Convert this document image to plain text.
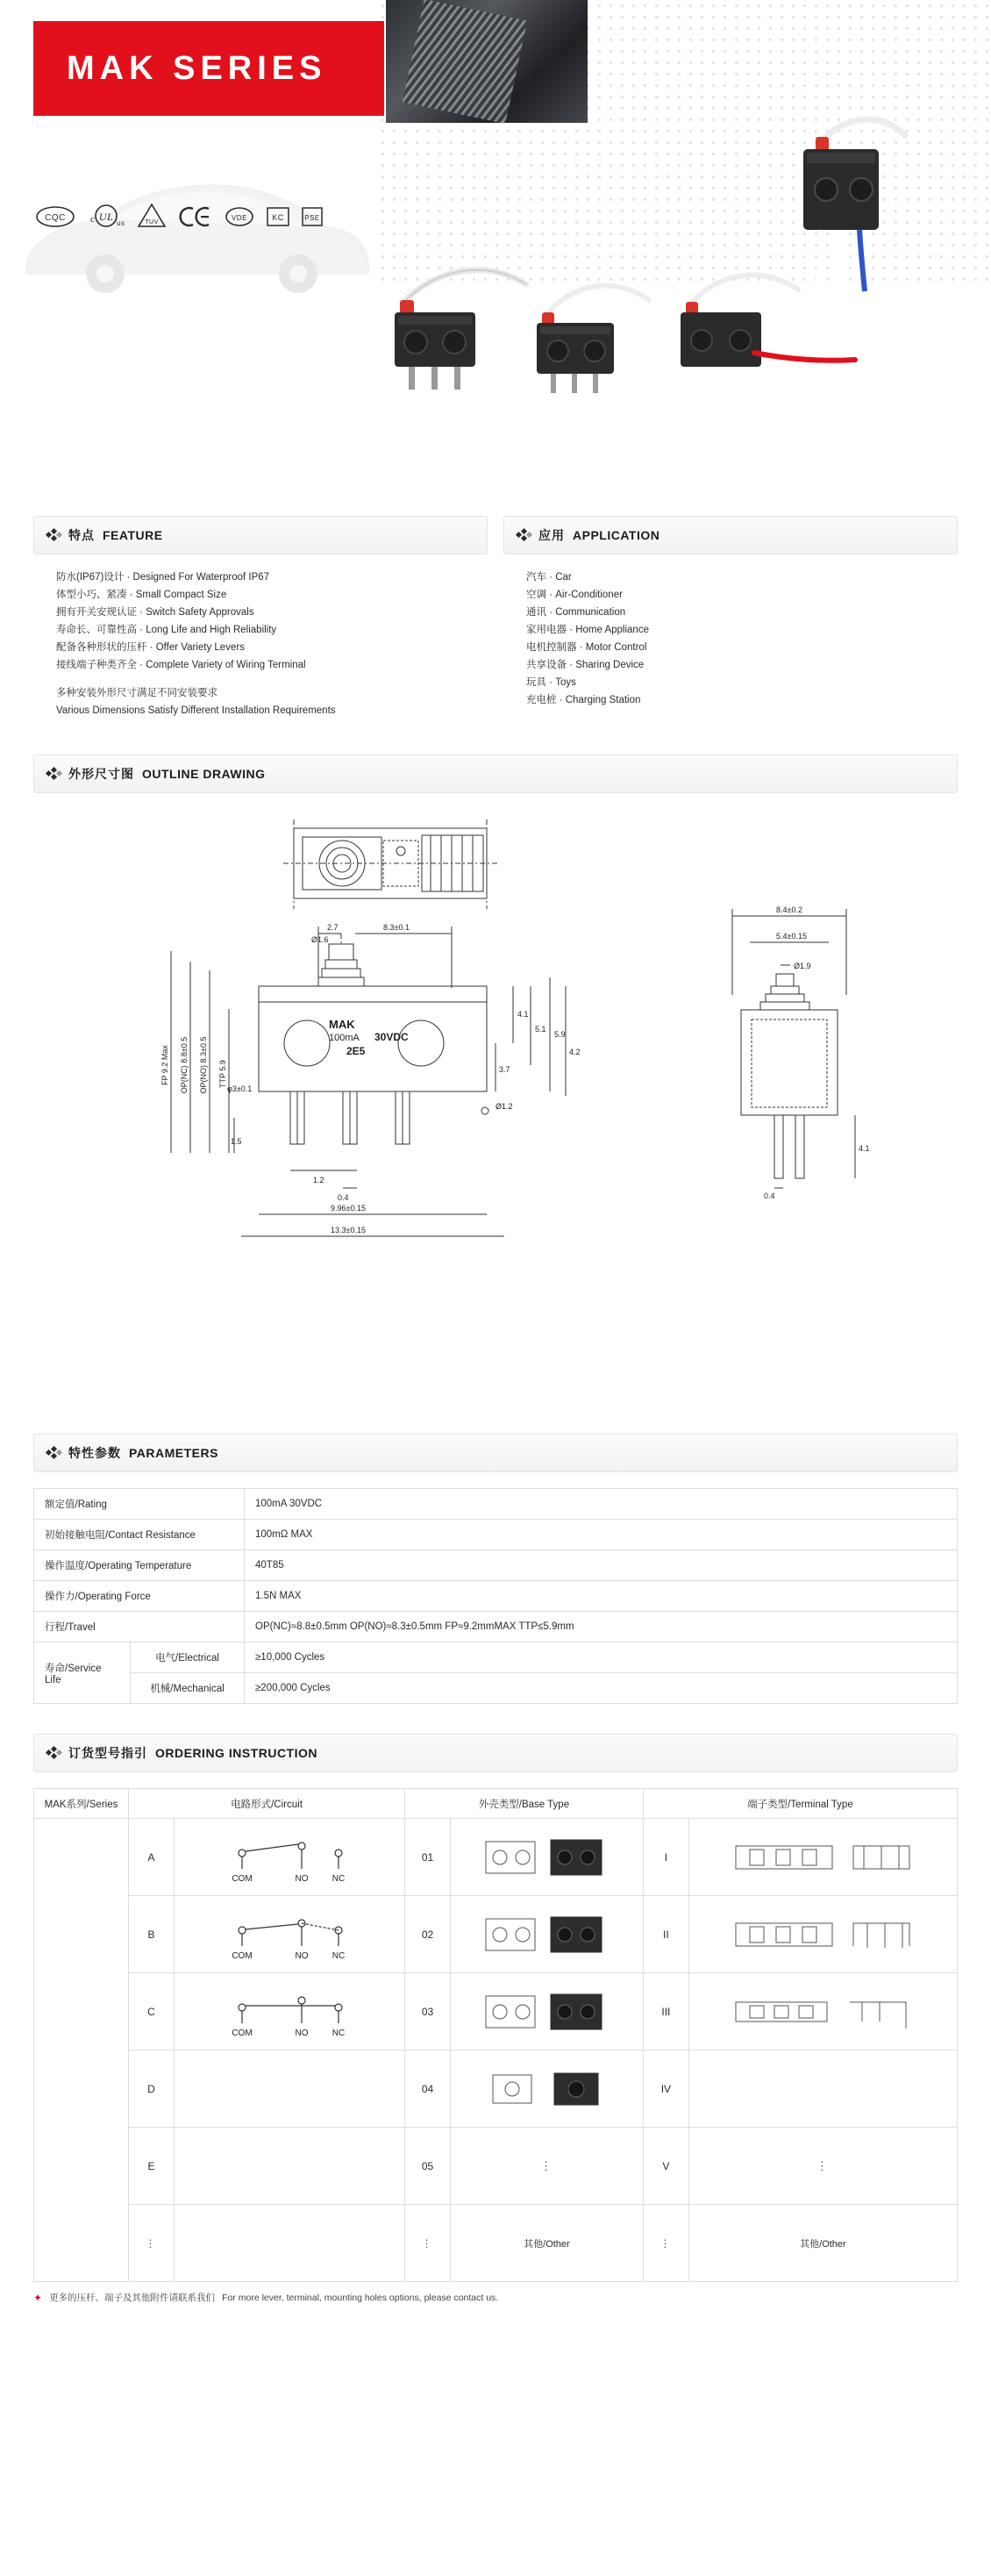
MAK SERIES
CQC	c UL
us	TUV
VDE	KC	PSE
特点 FEATURE
防水(IP67)设计 · Designed For Waterproof IP67
体型小巧、紧凑 · Small Compact Size
拥有开关安规认证 · Switch Safety Approvals
寿命长、可靠性高 · Long Life and High Reliability
配备各种形状的压杆 · Offer Variety Levers
接线端子种类齐全 · Complete Variety of Wiring Terminal
多种安装外形尺寸满足不同安装要求
Various Dimensions Satisfy Different Installation Requirements
应用 APPLICATION
汽车 · Car
空调 · Air-Conditioner
通讯 · Communication
家用电器 · Home Appliance
电机控制器 · Motor Control
共享设备 · Sharing Device
玩具 · Toys
充电桩 · Charging Station
外形尺寸图 OUTLINE DRAWING
MAK
100mA 30VDC
2E5
FP 9.2 Max OP(NC) 8.8±0.5 OP(NO) 8.3±0.5 TTP 5.9
2.7	8.3±0.1
4.1
5.1
5.9
3.7
4.2
Ø1.2
1.2
0.4
9.96±0.15
13.3±0.15
1.5
φ3±0.1
Ø1.6
8.4±0.2
5.4±0.15
Ø1.9
0.4
4.1
特性参数 PARAMETERS
额定值/Rating		100mA 30VDC
初始接触电阻/Contact Resistance		100mΩ MAX
操作温度/Operating Temperature		40T85
操作力/Operating Force		1.5N MAX
行程/Travel		OP(NC)≈8.8±0.5mm OP(NO)≈8.3±0.5mm FP≈9.2mmMAX TTP≤5.9mm
寿命/Service Life	电气/Electrical	≥10,000 Cycles
	机械/Mechanical	≥200,000 Cycles
订货型号指引 ORDERING INSTRUCTION
MAK系列/Series	电路形式/Circuit		外壳类型/Base Type		端子类型/Terminal Type	
	A	COM NO NC	01		I	

	B	COM NO NC	02		II	

	C	COM NO NC	03		III	

	D		04		IV	
	E		05	⋮	V	⋮
	⋮		⋮	其他/Other	⋮	其他/Other
✦ 更多的压杆、端子及其他附件请联系我们 For more lever, terminal, mounting holes options, please contact us.
